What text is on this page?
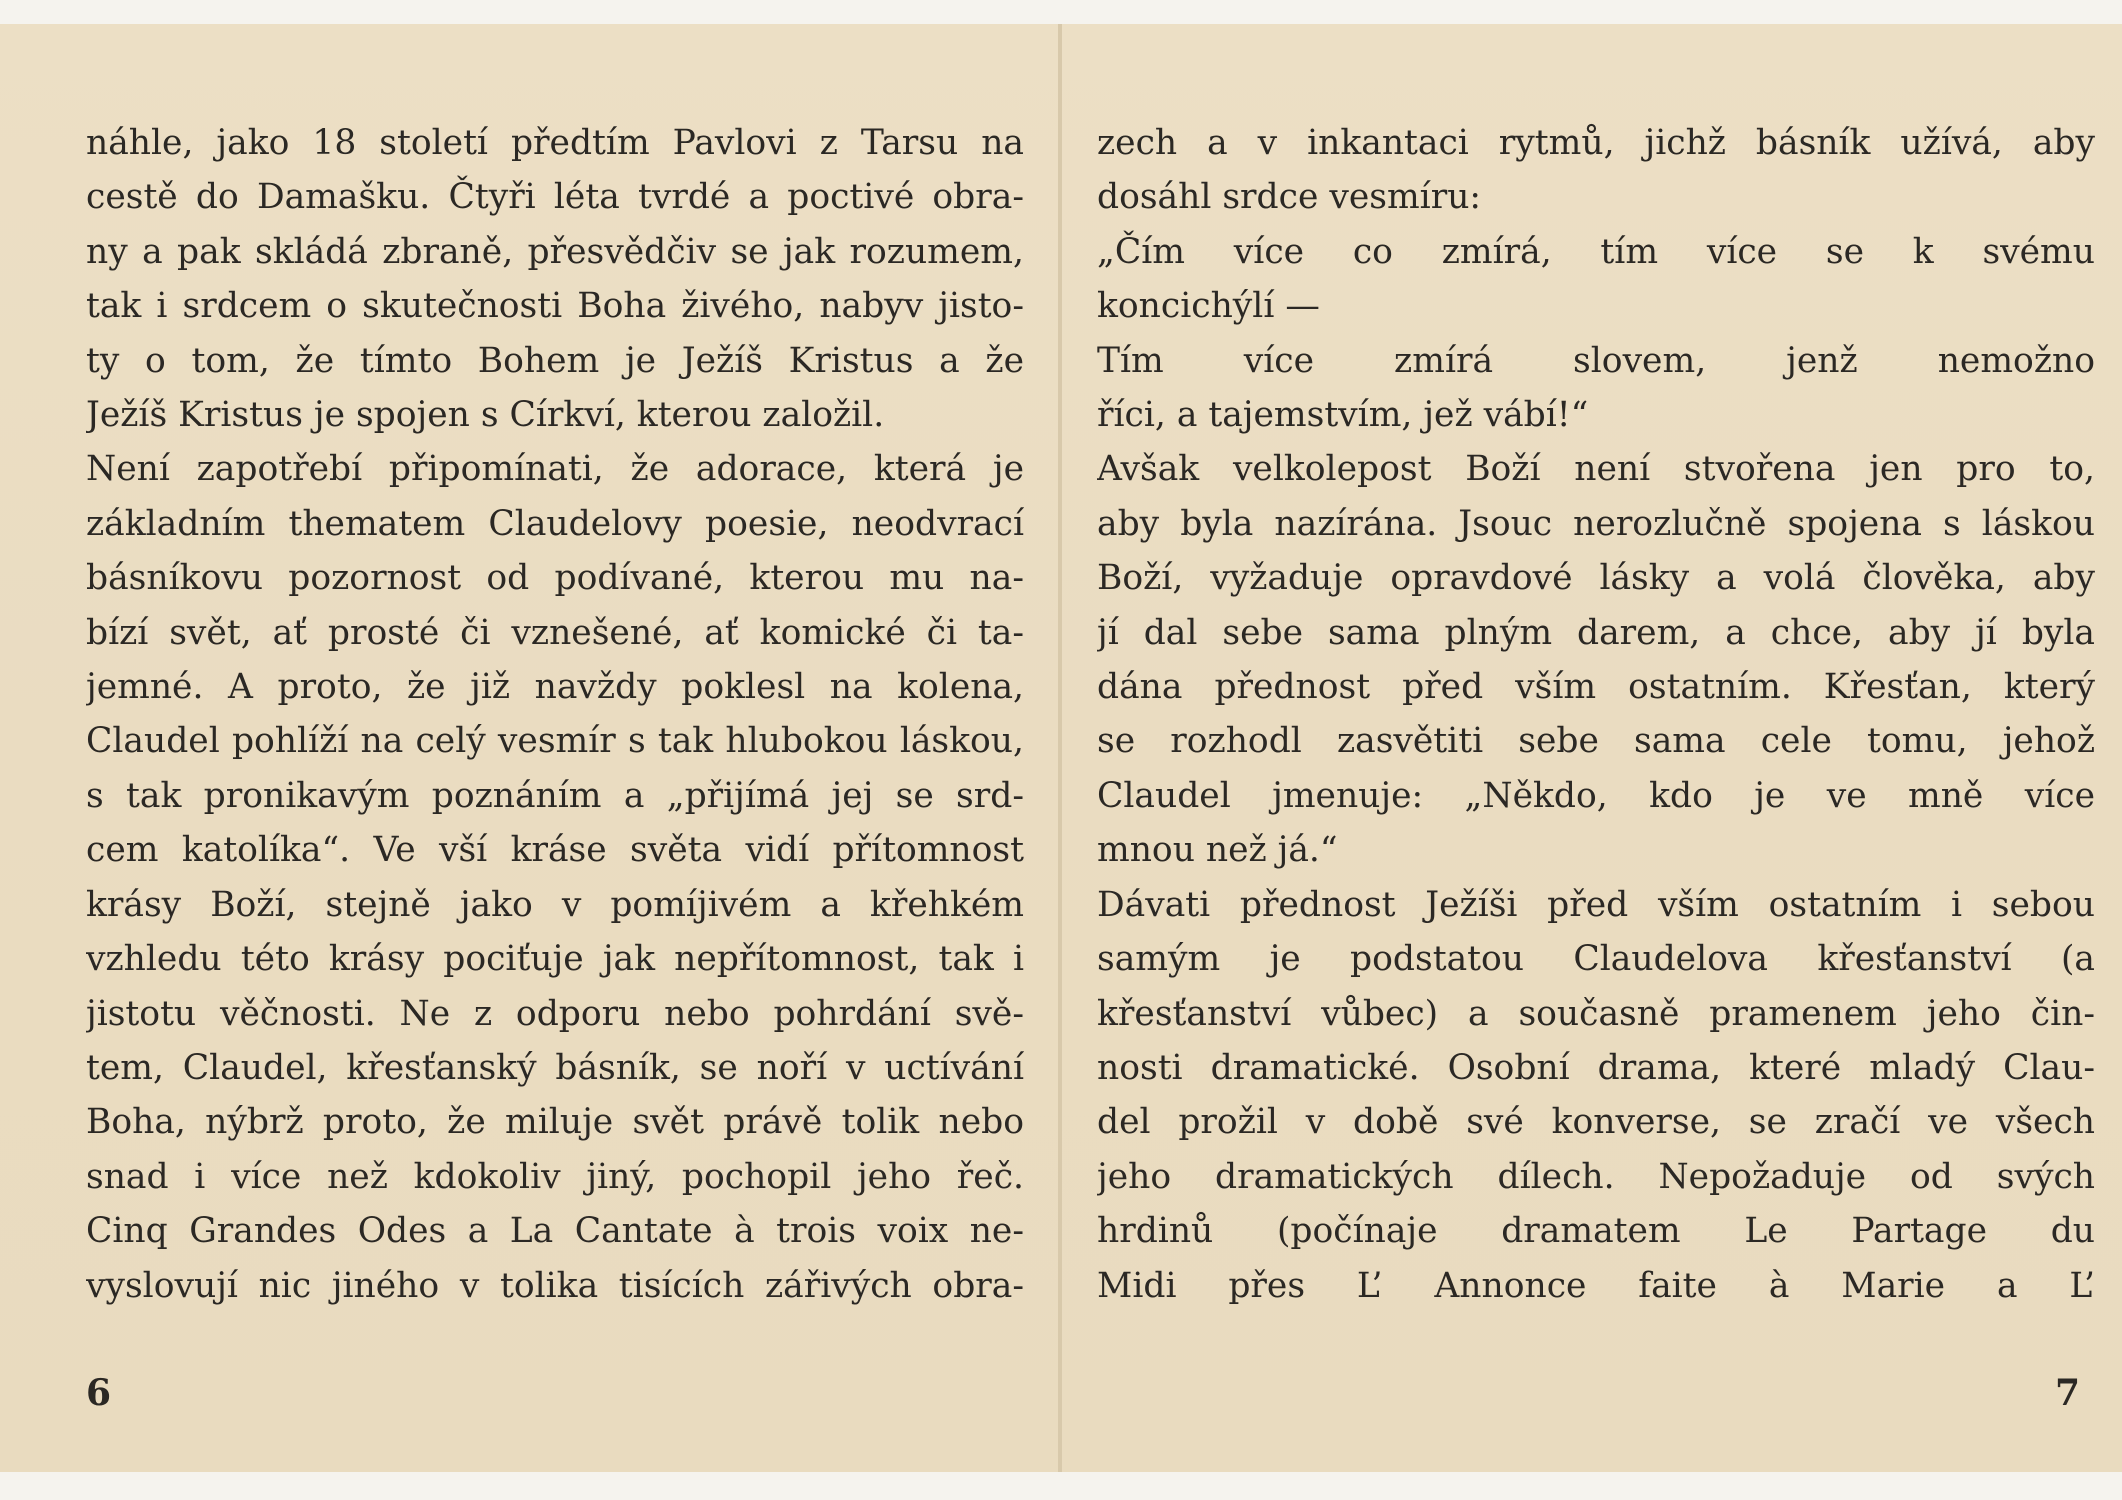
náhle, jako 18 století předtím Pavlovi z Tarsu na
cestě do Damašku. Čtyři léta tvrdé a poctivé obra-
ny a pak skládá zbraně, přesvědčiv se jak rozumem,
tak i srdcem o skutečnosti Boha živého, nabyv jisto-
ty o tom, že tímto Bohem je Ježíš Kristus a že
Ježíš Kristus je spojen s Církví, kterou založil.
Není zapotřebí připomínati, že adorace, která je
základním thematem Claudelovy poesie, neodvrací
básníkovu pozornost od podívané, kterou mu na-
bízí svět, ať prosté či vznešené, ať komické či ta-
jemné. A proto, že již navždy poklesl na kolena,
Claudel pohlíží na celý vesmír s tak hlubokou láskou,
s tak pronikavým poznáním a „přijímá jej se srd-
cem katolíka“. Ve vší kráse světa vidí přítomnost
krásy Boží, stejně jako v pomíjivém a křehkém
vzhledu této krásy pociťuje jak nepřítomnost, tak i
jistotu věčnosti. Ne z odporu nebo pohrdání svě-
tem, Claudel, křesťanský básník, se noří v uctívání
Boha, nýbrž proto, že miluje svět právě tolik nebo
snad i více než kdokoliv jiný, pochopil jeho řeč.
Cinq Grandes Odes a La Cantate à trois voix ne-
vyslovují nic jiného v tolika tisících zářivých obra-
6
zech a v inkantaci rytmů, jichž básník užívá, aby
dosáhl srdce vesmíru:
„Čím více co zmírá, tím více se k svému
koncichýlí —
Tím více zmírá slovem, jenž nemožno
říci, a tajemstvím, jež vábí!“
Avšak velkolepost Boží není stvořena jen pro to,
aby byla nazírána. Jsouc nerozlučně spojena s láskou
Boží, vyžaduje opravdové lásky a volá člověka, aby
jí dal sebe sama plným darem, a chce, aby jí byla
dána přednost před vším ostatním. Křesťan, který
se rozhodl zasvětiti sebe sama cele tomu, jehož
Claudel jmenuje: „Někdo, kdo je ve mně více
mnou než já.“
Dávati přednost Ježíši před vším ostatním i sebou
samým je podstatou Claudelova křesťanství (a
křesťanství vůbec) a současně pramenem jeho čin-
nosti dramatické. Osobní drama, které mladý Clau-
del prožil v době své konverse, se zračí ve všech
jeho dramatických dílech. Nepožaduje od svých
hrdinů (počínaje dramatem Le Partage du
Midi přes L’ Annonce faite à Marie a L’
7
